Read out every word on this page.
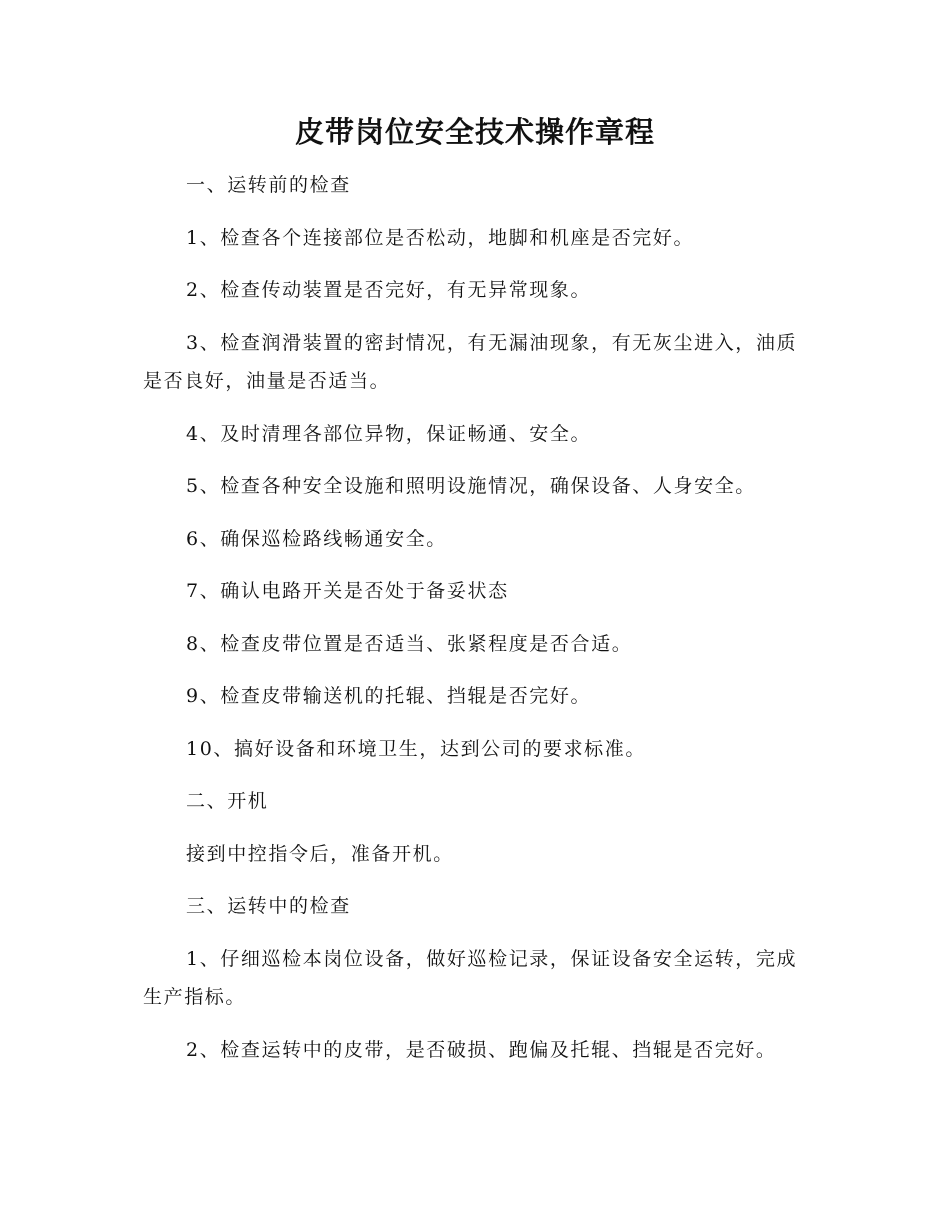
皮带岗位安全技术操作章程

一、运转前的检查

1、检查各个连接部位是否松动，地脚和机座是否完好。

2、检查传动装置是否完好，有无异常现象。

3、检查润滑装置的密封情况，有无漏油现象，有无灰尘进入，油质是否良好，油量是否适当。

4、及时清理各部位异物，保证畅通、安全。

5、检查各种安全设施和照明设施情况，确保设备、人身安全。

6、确保巡检路线畅通安全。

7、确认电路开关是否处于备妥状态

8、检查皮带位置是否适当、张紧程度是否合适。

9、检查皮带输送机的托辊、挡辊是否完好。

10、搞好设备和环境卫生，达到公司的要求标准。

二、开机

接到中控指令后，准备开机。

三、运转中的检查

1、仔细巡检本岗位设备，做好巡检记录，保证设备安全运转，完成生产指标。

2、检查运转中的皮带，是否破损、跑偏及托辊、挡辊是否完好。
